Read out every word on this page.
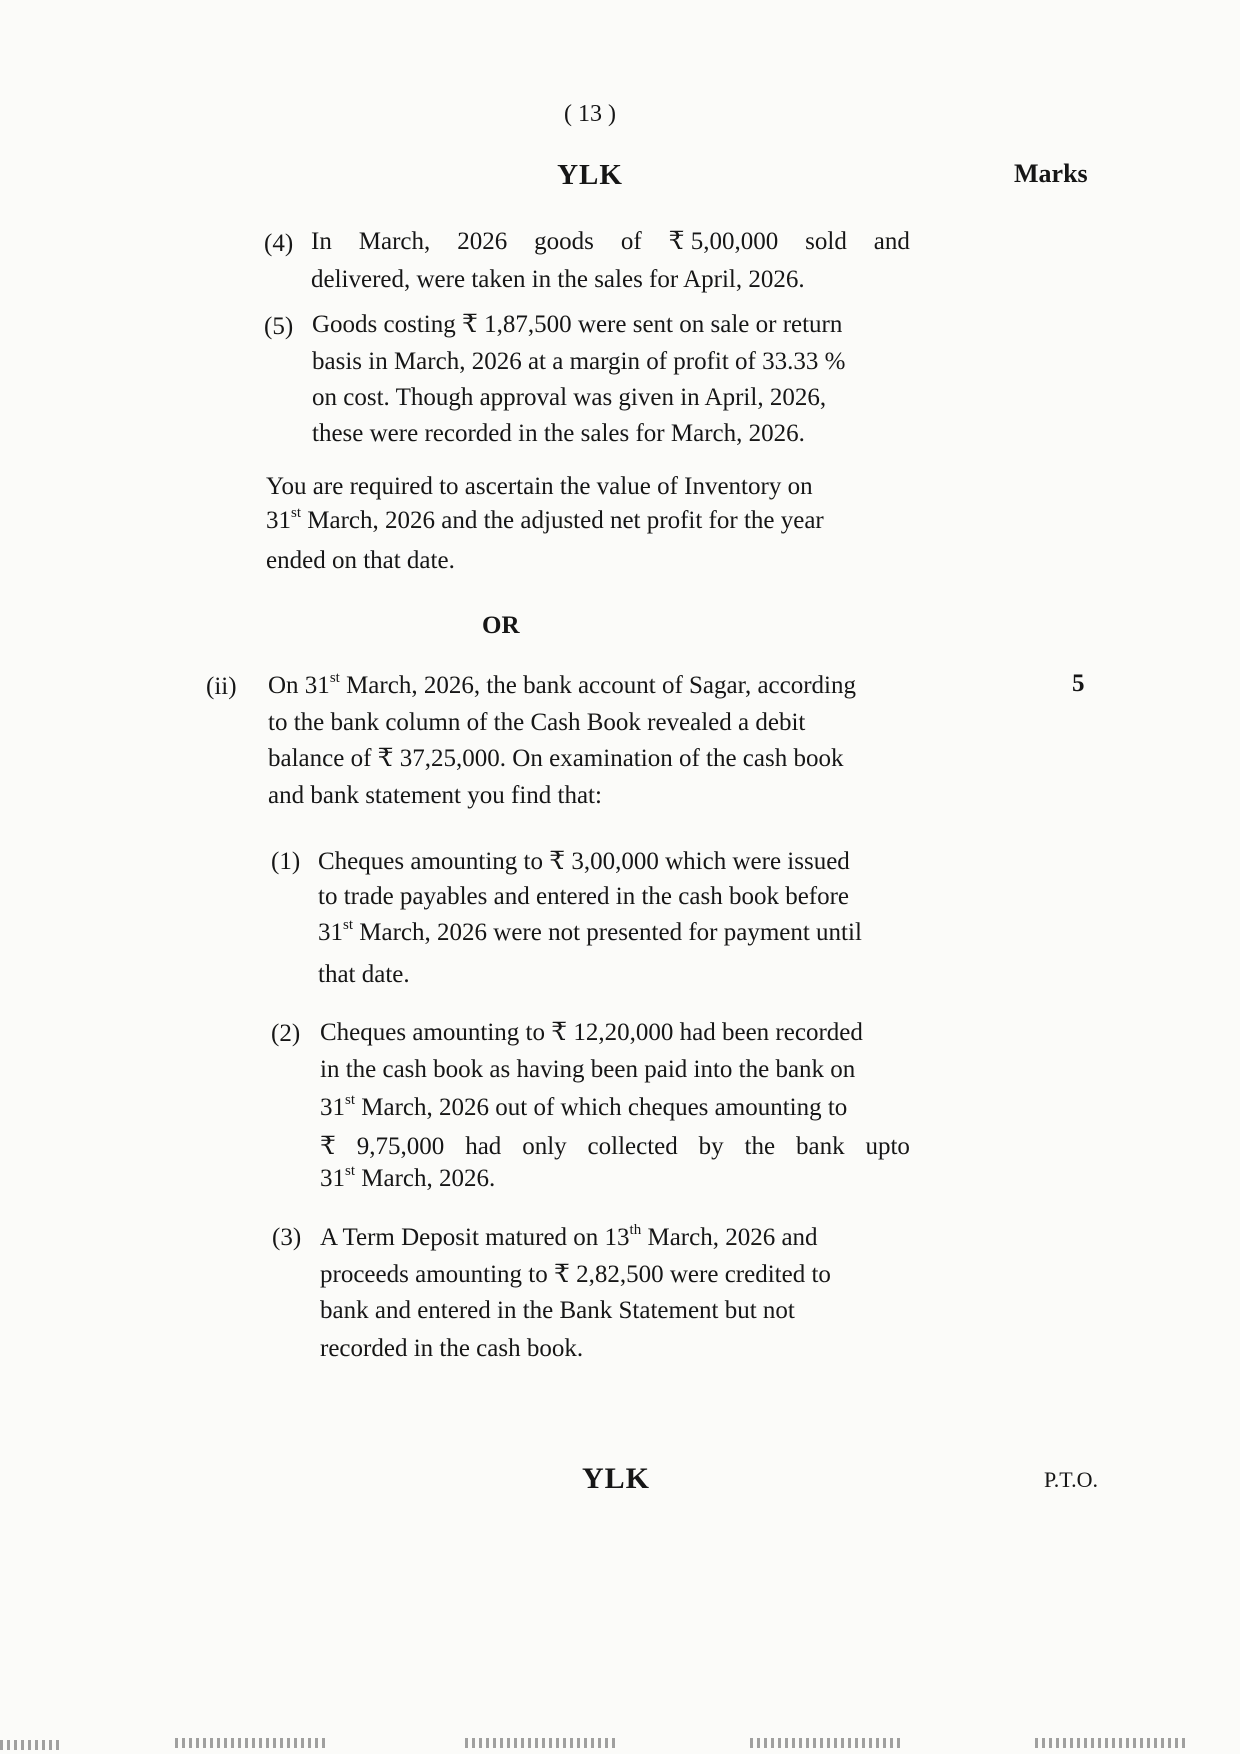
( 13 )
YLK	Marks
(4) In March, 2026 goods of ₹ 5,00,000 sold and
delivered, were taken in the sales for April, 2026.
(5) Goods costing ₹ 1,87,500 were sent on sale or return
basis in March, 2026 at a margin of profit of 33.33 %
on cost. Though approval was given in April, 2026,
these were recorded in the sales for March, 2026.
You are required to ascertain the value of Inventory on
31st March, 2026 and the adjusted net profit for the year
ended on that date.
OR
(ii)	5
On 31st March, 2026, the bank account of Sagar, according
to the bank column of the Cash Book revealed a debit
balance of ₹ 37,25,000. On examination of the cash book
and bank statement you find that:
(1) Cheques amounting to ₹ 3,00,000 which were issued
to trade payables and entered in the cash book before
31st March, 2026 were not presented for payment until
that date.
(2) Cheques amounting to ₹ 12,20,000 had been recorded
in the cash book as having been paid into the bank on
31st March, 2026 out of which cheques amounting to
₹ 9,75,000 had only collected by the bank upto
31st March, 2026.
(3) A Term Deposit matured on 13th March, 2026 and
proceeds amounting to ₹ 2,82,500 were credited to
bank and entered in the Bank Statement but not
recorded in the cash book.
YLK	P.T.O.
